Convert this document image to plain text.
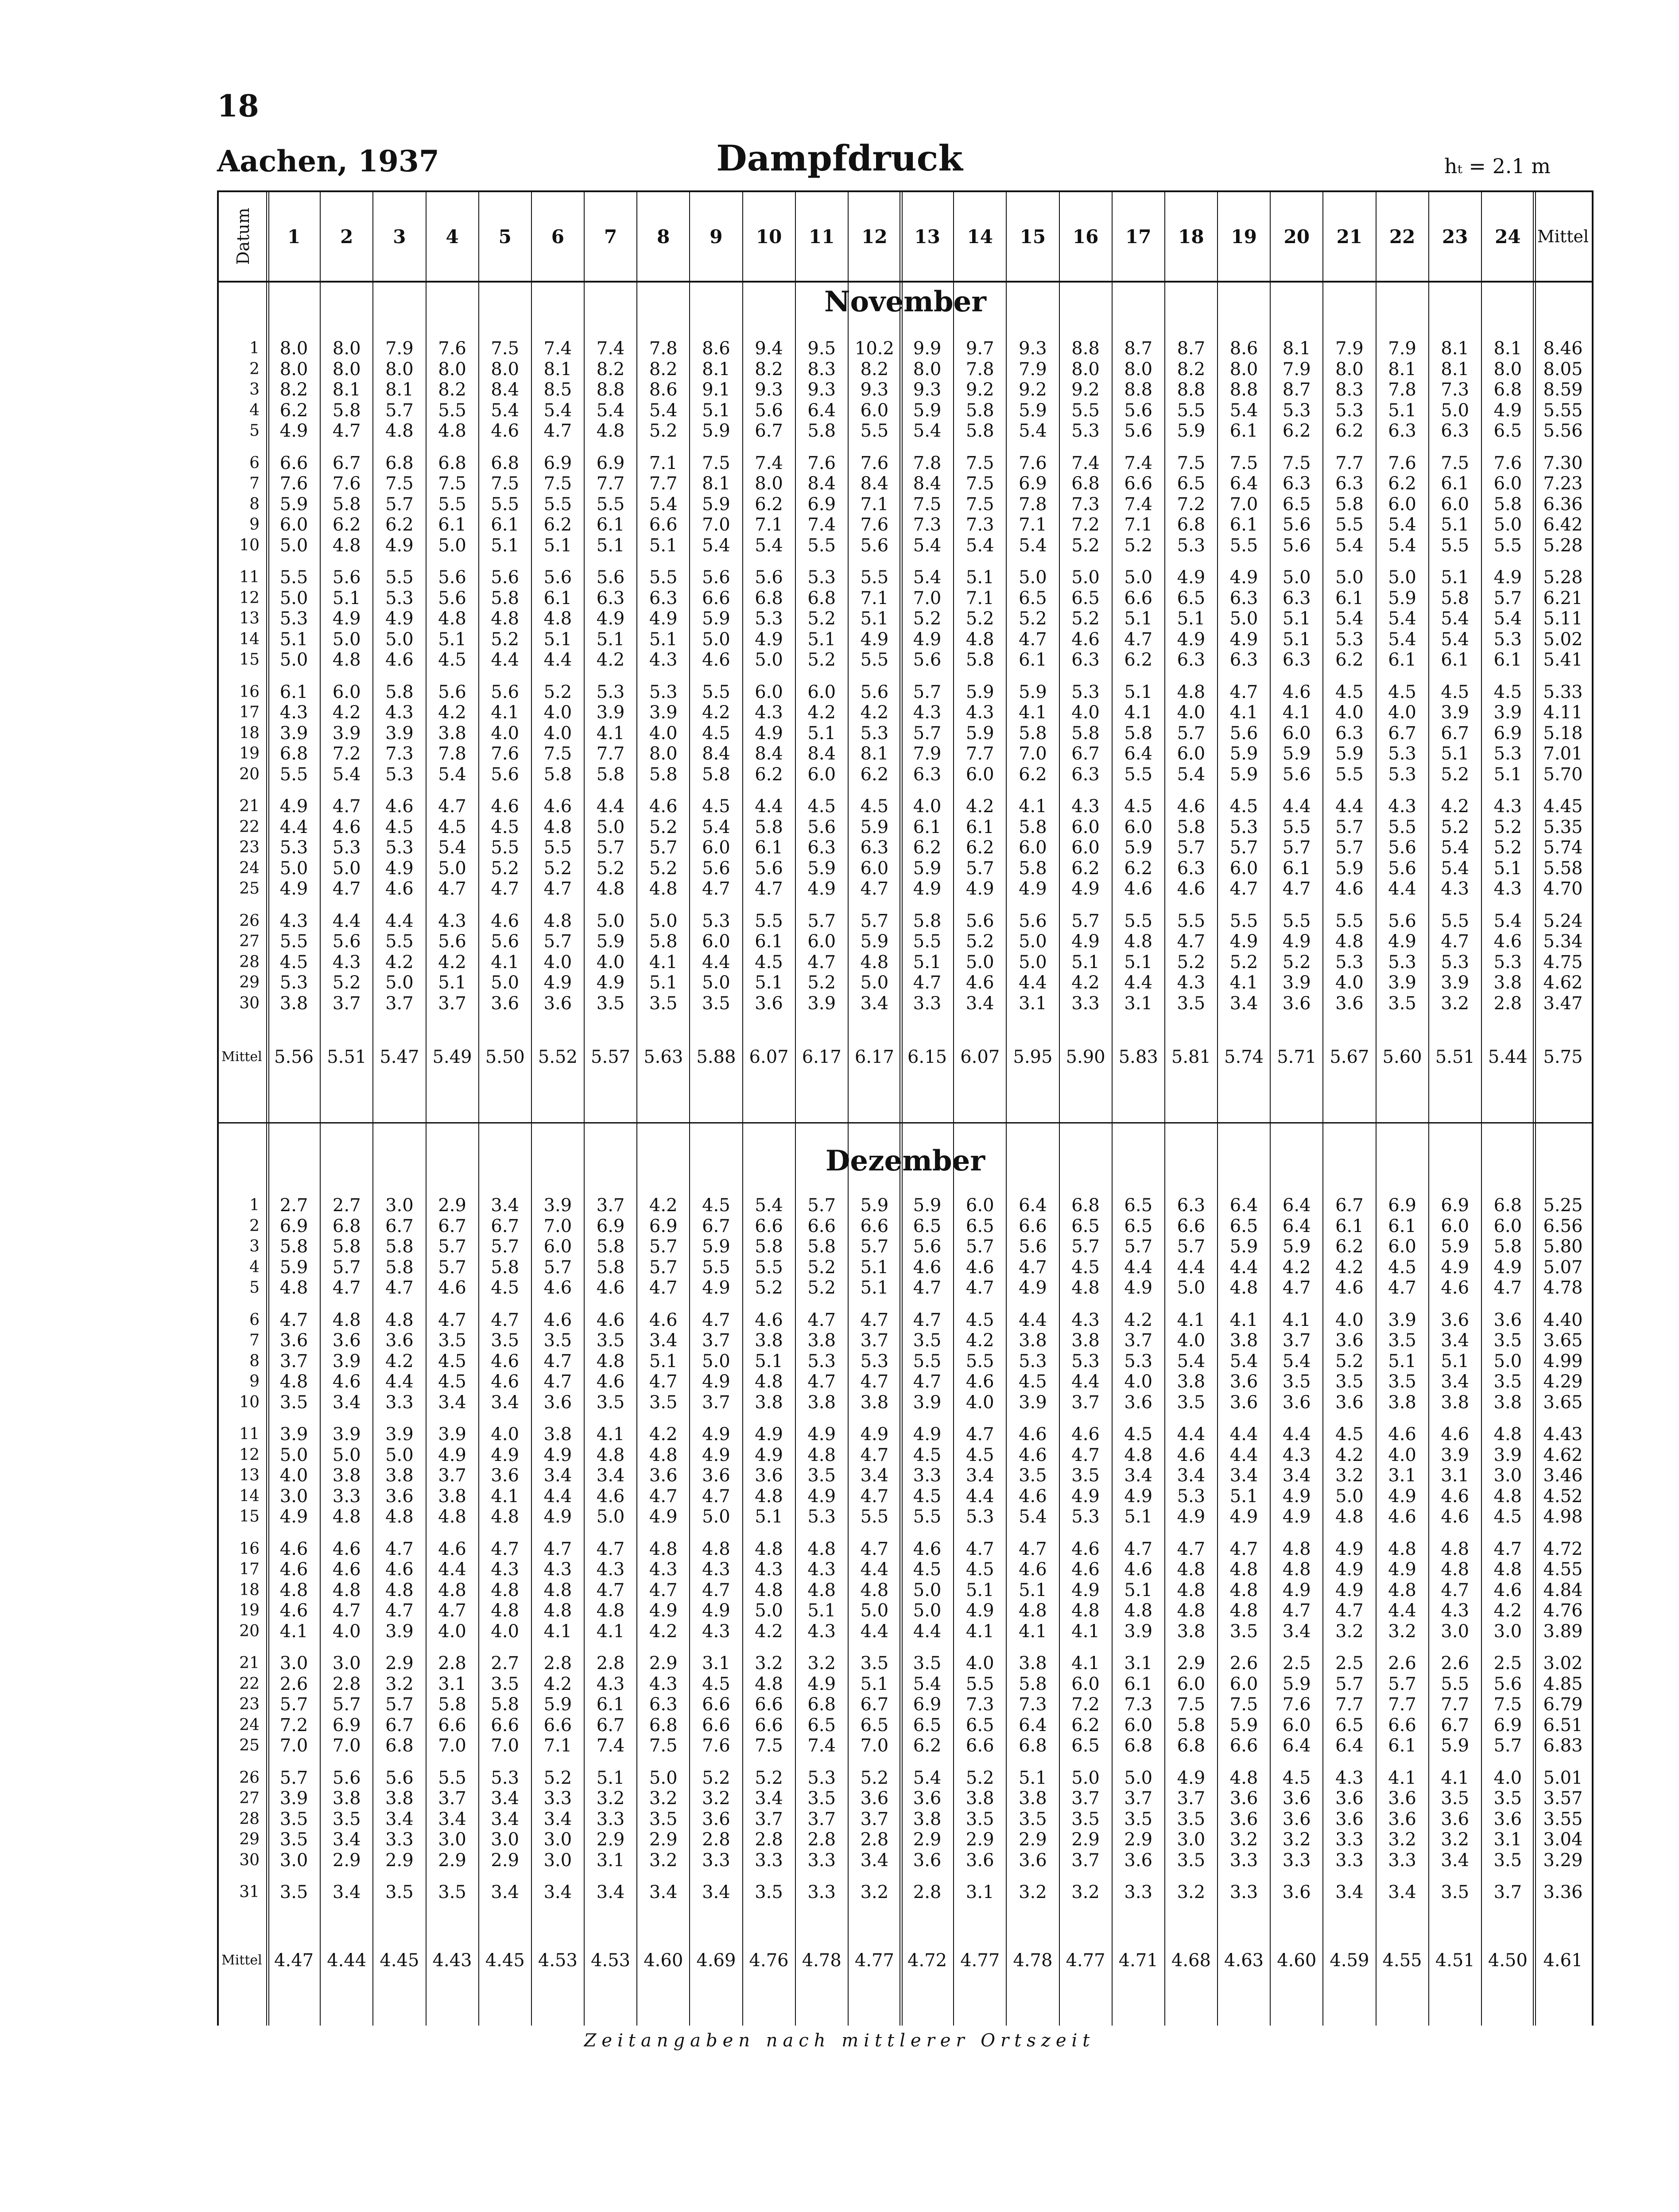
18
Aachen, 1937	Dampfdruck	hₜ = 2.1 m
Datum	1	2	3	4	5	6	7	8	9	10	11	12	13	14	15	16	17	18	19	20	21	22	23	24 Mittel
November
1	8.0	8.0	7.9	7.6	7.5	7.4	7.4	7.8	8.6	9.4	9.5	10.2	9.9	9.7	9.3	8.8	8.7	8.7	8.6	8.1	7.9	7.9	8.1	8.1	8.46
2	8.0	8.0	8.0	8.0	8.0	8.1	8.2	8.2	8.1	8.2	8.3	8.2	8.0	7.8	7.9	8.0	8.0	8.2	8.0	7.9	8.0	8.1	8.1	8.0	8.05
3	8.2	8.1	8.1	8.2	8.4	8.5	8.8	8.6	9.1	9.3	9.3	9.3	9.3	9.2	9.2	9.2	8.8	8.8	8.8	8.7	8.3	7.8	7.3	6.8	8.59
4	6.2	5.8	5.7	5.5	5.4	5.4	5.4	5.4	5.1	5.6	6.4	6.0	5.9	5.8	5.9	5.5	5.6	5.5	5.4	5.3	5.3	5.1	5.0	4.9	5.55
5	4.9	4.7	4.8	4.8	4.6	4.7	4.8	5.2	5.9	6.7	5.8	5.5	5.4	5.8	5.4	5.3	5.6	5.9	6.1	6.2	6.2	6.3	6.3	6.5	5.56
6	6.6	6.7	6.8	6.8	6.8	6.9	6.9	7.1	7.5	7.4	7.6	7.6	7.8	7.5	7.6	7.4	7.4	7.5	7.5	7.5	7.7	7.6	7.5	7.6	7.30
7	7.6	7.6	7.5	7.5	7.5	7.5	7.7	7.7	8.1	8.0	8.4	8.4	8.4	7.5	6.9	6.8	6.6	6.5	6.4	6.3	6.3	6.2	6.1	6.0	7.23
8	5.9	5.8	5.7	5.5	5.5	5.5	5.5	5.4	5.9	6.2	6.9	7.1	7.5	7.5	7.8	7.3	7.4	7.2	7.0	6.5	5.8	6.0	6.0	5.8	6.36
9	6.0	6.2	6.2	6.1	6.1	6.2	6.1	6.6	7.0	7.1	7.4	7.6	7.3	7.3	7.1	7.2	7.1	6.8	6.1	5.6	5.5	5.4	5.1	5.0	6.42
10	5.0	4.8	4.9	5.0	5.1	5.1	5.1	5.1	5.4	5.4	5.5	5.6	5.4	5.4	5.4	5.2	5.2	5.3	5.5	5.6	5.4	5.4	5.5	5.5	5.28
11	5.5	5.6	5.5	5.6	5.6	5.6	5.6	5.5	5.6	5.6	5.3	5.5	5.4	5.1	5.0	5.0	5.0	4.9	4.9	5.0	5.0	5.0	5.1	4.9	5.28
12	5.0	5.1	5.3	5.6	5.8	6.1	6.3	6.3	6.6	6.8	6.8	7.1	7.0	7.1	6.5	6.5	6.6	6.5	6.3	6.3	6.1	5.9	5.8	5.7	6.21
13	5.3	4.9	4.9	4.8	4.8	4.8	4.9	4.9	5.9	5.3	5.2	5.1	5.2	5.2	5.2	5.2	5.1	5.1	5.0	5.1	5.4	5.4	5.4	5.4	5.11
14	5.1	5.0	5.0	5.1	5.2	5.1	5.1	5.1	5.0	4.9	5.1	4.9	4.9	4.8	4.7	4.6	4.7	4.9	4.9	5.1	5.3	5.4	5.4	5.3	5.02
15	5.0	4.8	4.6	4.5	4.4	4.4	4.2	4.3	4.6	5.0	5.2	5.5	5.6	5.8	6.1	6.3	6.2	6.3	6.3	6.3	6.2	6.1	6.1	6.1	5.41
16	6.1	6.0	5.8	5.6	5.6	5.2	5.3	5.3	5.5	6.0	6.0	5.6	5.7	5.9	5.9	5.3	5.1	4.8	4.7	4.6	4.5	4.5	4.5	4.5	5.33
17	4.3	4.2	4.3	4.2	4.1	4.0	3.9	3.9	4.2	4.3	4.2	4.2	4.3	4.3	4.1	4.0	4.1	4.0	4.1	4.1	4.0	4.0	3.9	3.9	4.11
18	3.9	3.9	3.9	3.8	4.0	4.0	4.1	4.0	4.5	4.9	5.1	5.3	5.7	5.9	5.8	5.8	5.8	5.7	5.6	6.0	6.3	6.7	6.7	6.9	5.18
19	6.8	7.2	7.3	7.8	7.6	7.5	7.7	8.0	8.4	8.4	8.4	8.1	7.9	7.7	7.0	6.7	6.4	6.0	5.9	5.9	5.9	5.3	5.1	5.3	7.01
20	5.5	5.4	5.3	5.4	5.6	5.8	5.8	5.8	5.8	6.2	6.0	6.2	6.3	6.0	6.2	6.3	5.5	5.4	5.9	5.6	5.5	5.3	5.2	5.1	5.70
21	4.9	4.7	4.6	4.7	4.6	4.6	4.4	4.6	4.5	4.4	4.5	4.5	4.0	4.2	4.1	4.3	4.5	4.6	4.5	4.4	4.4	4.3	4.2	4.3	4.45
22	4.4	4.6	4.5	4.5	4.5	4.8	5.0	5.2	5.4	5.8	5.6	5.9	6.1	6.1	5.8	6.0	6.0	5.8	5.3	5.5	5.7	5.5	5.2	5.2	5.35
23	5.3	5.3	5.3	5.4	5.5	5.5	5.7	5.7	6.0	6.1	6.3	6.3	6.2	6.2	6.0	6.0	5.9	5.7	5.7	5.7	5.7	5.6	5.4	5.2	5.74
24	5.0	5.0	4.9	5.0	5.2	5.2	5.2	5.2	5.6	5.6	5.9	6.0	5.9	5.7	5.8	6.2	6.2	6.3	6.0	6.1	5.9	5.6	5.4	5.1	5.58
25	4.9	4.7	4.6	4.7	4.7	4.7	4.8	4.8	4.7	4.7	4.9	4.7	4.9	4.9	4.9	4.9	4.6	4.6	4.7	4.7	4.6	4.4	4.3	4.3	4.70
26	4.3	4.4	4.4	4.3	4.6	4.8	5.0	5.0	5.3	5.5	5.7	5.7	5.8	5.6	5.6	5.7	5.5	5.5	5.5	5.5	5.5	5.6	5.5	5.4	5.24
27	5.5	5.6	5.5	5.6	5.6	5.7	5.9	5.8	6.0	6.1	6.0	5.9	5.5	5.2	5.0	4.9	4.8	4.7	4.9	4.9	4.8	4.9	4.7	4.6	5.34
28	4.5	4.3	4.2	4.2	4.1	4.0	4.0	4.1	4.4	4.5	4.7	4.8	5.1	5.0	5.0	5.1	5.1	5.2	5.2	5.2	5.3	5.3	5.3	5.3	4.75
29	5.3	5.2	5.0	5.1	5.0	4.9	4.9	5.1	5.0	5.1	5.2	5.0	4.7	4.6	4.4	4.2	4.4	4.3	4.1	3.9	4.0	3.9	3.9	3.8	4.62
30	3.8	3.7	3.7	3.7	3.6	3.6	3.5	3.5	3.5	3.6	3.9	3.4	3.3	3.4	3.1	3.3	3.1	3.5	3.4	3.6	3.6	3.5	3.2	2.8	3.47
Mittel 5.56 5.51 5.47 5.49 5.50 5.52 5.57 5.63 5.88 6.07 6.17 6.17 6.15 6.07 5.95 5.90 5.83 5.81 5.74 5.71 5.67 5.60 5.51 5.44 5.75
Dezember
1	2.7	2.7	3.0	2.9	3.4	3.9	3.7	4.2	4.5	5.4	5.7	5.9	5.9	6.0	6.4	6.8	6.5	6.3	6.4	6.4	6.7	6.9	6.9	6.8	5.25
2	6.9	6.8	6.7	6.7	6.7	7.0	6.9	6.9	6.7	6.6	6.6	6.6	6.5	6.5	6.6	6.5	6.5	6.6	6.5	6.4	6.1	6.1	6.0	6.0	6.56
3	5.8	5.8	5.8	5.7	5.7	6.0	5.8	5.7	5.9	5.8	5.8	5.7	5.6	5.7	5.6	5.7	5.7	5.7	5.9	5.9	6.2	6.0	5.9	5.8	5.80
4	5.9	5.7	5.8	5.7	5.8	5.7	5.8	5.7	5.5	5.5	5.2	5.1	4.6	4.6	4.7	4.5	4.4	4.4	4.4	4.2	4.2	4.5	4.9	4.9	5.07
5	4.8	4.7	4.7	4.6	4.5	4.6	4.6	4.7	4.9	5.2	5.2	5.1	4.7	4.7	4.9	4.8	4.9	5.0	4.8	4.7	4.6	4.7	4.6	4.7	4.78
6	4.7	4.8	4.8	4.7	4.7	4.6	4.6	4.6	4.7	4.6	4.7	4.7	4.7	4.5	4.4	4.3	4.2	4.1	4.1	4.1	4.0	3.9	3.6	3.6	4.40
7	3.6	3.6	3.6	3.5	3.5	3.5	3.5	3.4	3.7	3.8	3.8	3.7	3.5	4.2	3.8	3.8	3.7	4.0	3.8	3.7	3.6	3.5	3.4	3.5	3.65
8	3.7	3.9	4.2	4.5	4.6	4.7	4.8	5.1	5.0	5.1	5.3	5.3	5.5	5.5	5.3	5.3	5.3	5.4	5.4	5.4	5.2	5.1	5.1	5.0	4.99
9	4.8	4.6	4.4	4.5	4.6	4.7	4.6	4.7	4.9	4.8	4.7	4.7	4.7	4.6	4.5	4.4	4.0	3.8	3.6	3.5	3.5	3.5	3.4	3.5	4.29
10	3.5	3.4	3.3	3.4	3.4	3.6	3.5	3.5	3.7	3.8	3.8	3.8	3.9	4.0	3.9	3.7	3.6	3.5	3.6	3.6	3.6	3.8	3.8	3.8	3.65
11	3.9	3.9	3.9	3.9	4.0	3.8	4.1	4.2	4.9	4.9	4.9	4.9	4.9	4.7	4.6	4.6	4.5	4.4	4.4	4.4	4.5	4.6	4.6	4.8	4.43
12	5.0	5.0	5.0	4.9	4.9	4.9	4.8	4.8	4.9	4.9	4.8	4.7	4.5	4.5	4.6	4.7	4.8	4.6	4.4	4.3	4.2	4.0	3.9	3.9	4.62
13	4.0	3.8	3.8	3.7	3.6	3.4	3.4	3.6	3.6	3.6	3.5	3.4	3.3	3.4	3.5	3.5	3.4	3.4	3.4	3.4	3.2	3.1	3.1	3.0	3.46
14	3.0	3.3	3.6	3.8	4.1	4.4	4.6	4.7	4.7	4.8	4.9	4.7	4.5	4.4	4.6	4.9	4.9	5.3	5.1	4.9	5.0	4.9	4.6	4.8	4.52
15	4.9	4.8	4.8	4.8	4.8	4.9	5.0	4.9	5.0	5.1	5.3	5.5	5.5	5.3	5.4	5.3	5.1	4.9	4.9	4.9	4.8	4.6	4.6	4.5	4.98
16	4.6	4.6	4.7	4.6	4.7	4.7	4.7	4.8	4.8	4.8	4.8	4.7	4.6	4.7	4.7	4.6	4.7	4.7	4.7	4.8	4.9	4.8	4.8	4.7	4.72
17	4.6	4.6	4.6	4.4	4.3	4.3	4.3	4.3	4.3	4.3	4.3	4.4	4.5	4.5	4.6	4.6	4.6	4.8	4.8	4.8	4.9	4.9	4.8	4.8	4.55
18	4.8	4.8	4.8	4.8	4.8	4.8	4.7	4.7	4.7	4.8	4.8	4.8	5.0	5.1	5.1	4.9	5.1	4.8	4.8	4.9	4.9	4.8	4.7	4.6	4.84
19	4.6	4.7	4.7	4.7	4.8	4.8	4.8	4.9	4.9	5.0	5.1	5.0	5.0	4.9	4.8	4.8	4.8	4.8	4.8	4.7	4.7	4.4	4.3	4.2	4.76
20	4.1	4.0	3.9	4.0	4.0	4.1	4.1	4.2	4.3	4.2	4.3	4.4	4.4	4.1	4.1	4.1	3.9	3.8	3.5	3.4	3.2	3.2	3.0	3.0	3.89
21	3.0	3.0	2.9	2.8	2.7	2.8	2.8	2.9	3.1	3.2	3.2	3.5	3.5	4.0	3.8	4.1	3.1	2.9	2.6	2.5	2.5	2.6	2.6	2.5	3.02
22	2.6	2.8	3.2	3.1	3.5	4.2	4.3	4.3	4.5	4.8	4.9	5.1	5.4	5.5	5.8	6.0	6.1	6.0	6.0	5.9	5.7	5.7	5.5	5.6	4.85
23	5.7	5.7	5.7	5.8	5.8	5.9	6.1	6.3	6.6	6.6	6.8	6.7	6.9	7.3	7.3	7.2	7.3	7.5	7.5	7.6	7.7	7.7	7.7	7.5	6.79
24	7.2	6.9	6.7	6.6	6.6	6.6	6.7	6.8	6.6	6.6	6.5	6.5	6.5	6.5	6.4	6.2	6.0	5.8	5.9	6.0	6.5	6.6	6.7	6.9	6.51
25	7.0	7.0	6.8	7.0	7.0	7.1	7.4	7.5	7.6	7.5	7.4	7.0	6.2	6.6	6.8	6.5	6.8	6.8	6.6	6.4	6.4	6.1	5.9	5.7	6.83
26	5.7	5.6	5.6	5.5	5.3	5.2	5.1	5.0	5.2	5.2	5.3	5.2	5.4	5.2	5.1	5.0	5.0	4.9	4.8	4.5	4.3	4.1	4.1	4.0	5.01
27	3.9	3.8	3.8	3.7	3.4	3.3	3.2	3.2	3.2	3.4	3.5	3.6	3.6	3.8	3.8	3.7	3.7	3.7	3.6	3.6	3.6	3.6	3.5	3.5	3.57
28	3.5	3.5	3.4	3.4	3.4	3.4	3.3	3.5	3.6	3.7	3.7	3.7	3.8	3.5	3.5	3.5	3.5	3.5	3.6	3.6	3.6	3.6	3.6	3.6	3.55
29	3.5	3.4	3.3	3.0	3.0	3.0	2.9	2.9	2.8	2.8	2.8	2.8	2.9	2.9	2.9	2.9	2.9	3.0	3.2	3.2	3.3	3.2	3.2	3.1	3.04
30	3.0	2.9	2.9	2.9	2.9	3.0	3.1	3.2	3.3	3.3	3.3	3.4	3.6	3.6	3.6	3.7	3.6	3.5	3.3	3.3	3.3	3.3	3.4	3.5	3.29
31	3.5	3.4	3.5	3.5	3.4	3.4	3.4	3.4	3.4	3.5	3.3	3.2	2.8	3.1	3.2	3.2	3.3	3.2	3.3	3.6	3.4	3.4	3.5	3.7	3.36
Mittel 4.47 4.44 4.45 4.43 4.45 4.53 4.53 4.60 4.69 4.76 4.78 4.77 4.72 4.77 4.78 4.77 4.71 4.68 4.63 4.60 4.59 4.55 4.51 4.50 4.61
Zeitangaben nach mittlerer Ortszeit
